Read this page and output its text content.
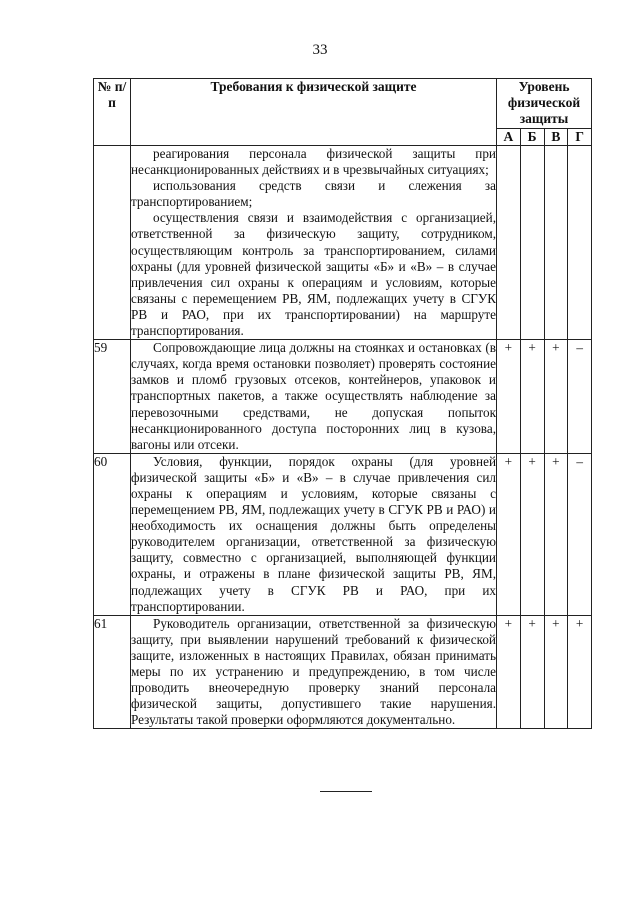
33
№ п/п	Требования к физической защите	Уровень физической защиты			
		А	Б	В	Г

	реагирования персонала физической защиты при несанкционированных действиях и в чрезвычайных ситуациях;

использования средств связи и слежения за транспортированием;

осуществления связи и взаимодействия с организацией, ответственной за физическую защиту, сотрудником, осуществляющим контроль за транспортированием, силами охраны (для уровней физической защиты «Б» и «В» – в случае привлечения сил охраны к операциям и условиям, которые связаны с перемещением РВ, ЯМ, подлежащих учету в СГУК РВ и РАО, при их транспортировании) на маршруте транспортирования.				

59	Сопровождающие лица должны на стоянках и остановках (в случаях, когда время остановки позволяет) проверять состояние замков и пломб грузовых отсеков, контейнеров, упаковок и транспортных пакетов, а также осуществлять наблюдение за перевозочными средствами, не допуская попыток несанкционированного доступа посторонних лиц в кузова, вагоны или отсеки.	+	+	+	–
60	Условия, функции, порядок охраны (для уровней физической защиты «Б» и «В» – в случае привлечения сил охраны к операциям и условиям, которые связаны с перемещением РВ, ЯМ, подлежащих учету в СГУК РВ и РАО) и необходимость их оснащения должны быть определены руководителем организации, ответственной за физическую защиту, совместно с организацией, выполняющей функции охраны, и отражены в плане физической защиты РВ, ЯМ, подлежащих учету в СГУК РВ и РАО, при их транспортировании.	+	+	+	–
61	Руководитель организации, ответственной за физическую защиту, при выявлении нарушений требований к физической защите, изложенных в настоящих Правилах, обязан принимать меры по их устранению и предупреждению, в том числе проводить внеочередную проверку знаний персонала физической защиты, допустившего такие нарушения. Результаты такой проверки оформляются документально.	+	+	+	+
